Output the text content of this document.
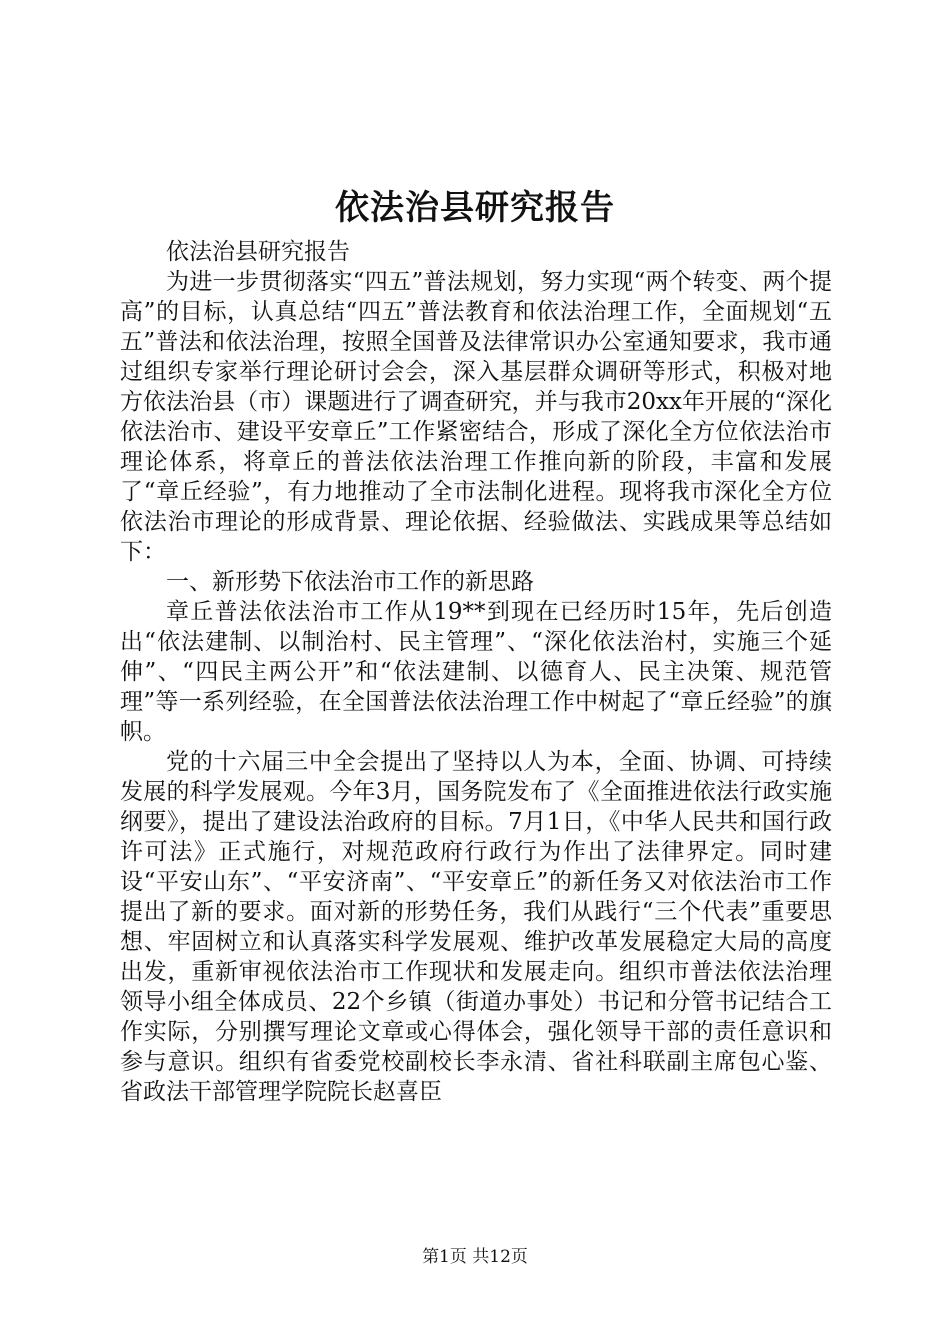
依法治县研究报告

依法治县研究报告

为进一步贯彻落实“四五”普法规划，努力实现“两个转变、两个提高”的目标，认真总结“四五”普法教育和依法治理工作，全面规划“五五”普法和依法治理，按照全国普及法律常识办公室通知要求，我市通过组织专家举行理论研讨会会，深入基层群众调研等形式，积极对地方依法治县（市）课题进行了调查研究，并与我市20xx年开展的“深化依法治市、建设平安章丘”工作紧密结合，形成了深化全方位依法治市理论体系，将章丘的普法依法治理工作推向新的阶段，丰富和发展了“章丘经验”，有力地推动了全市法制化进程。现将我市深化全方位依法治市理论的形成背景、理论依据、经验做法、实践成果等总结如下：

一、新形势下依法治市工作的新思路

章丘普法依法治市工作从19**到现在已经历时15年，先后创造出“依法建制、以制治村、民主管理”、“深化依法治村，实施三个延伸”、“四民主两公开”和“依法建制、以德育人、民主决策、规范管理”等一系列经验，在全国普法依法治理工作中树起了“章丘经验”的旗帜。

党的十六届三中全会提出了坚持以人为本，全面、协调、可持续发展的科学发展观。今年3月，国务院发布了《全面推进依法行政实施纲要》，提出了建设法治政府的目标。7月1日，《中华人民共和国行政许可法》正式施行，对规范政府行政行为作出了法律界定。同时建设“平安山东”、“平安济南”、“平安章丘”的新任务又对依法治市工作提出了新的要求。面对新的形势任务，我们从践行“三个代表”重要思想、牢固树立和认真落实科学发展观、维护改革发展稳定大局的高度出发，重新审视依法治市工作现状和发展走向。组织市普法依法治理领导小组全体成员、22个乡镇（街道办事处）书记和分管书记结合工作实际，分别撰写理论文章或心得体会，强化领导干部的责任意识和参与意识。组织有省委党校副校长李永清、省社科联副主席包心鉴、省政法干部管理学院院长赵喜臣

第1页 共12页
